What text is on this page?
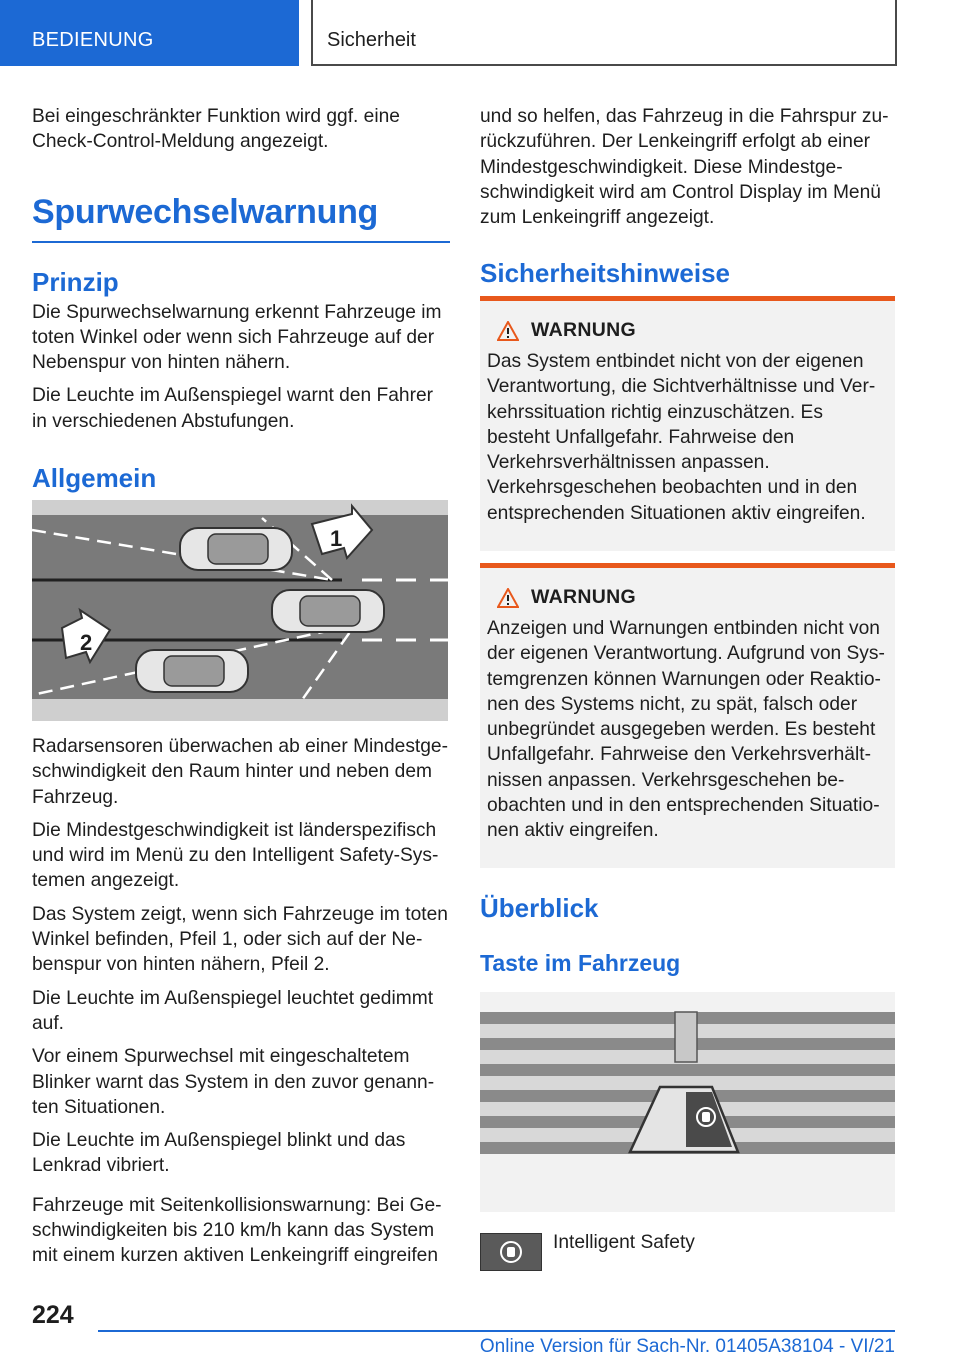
BEDIENUNG	Sicherheit

Bei eingeschränkter Funktion wird ggf. eine Check-Control-Meldung angezeigt.

Spurwechselwarnung
Prinzip

Die Spurwechselwarnung erkennt Fahrzeuge im toten Winkel oder wenn sich Fahrzeuge auf der Nebenspur von hinten nähern.

Die Leuchte im Außenspiegel warnt den Fahrer in verschiedenen Abstufungen.

Allgemein
1
2

Radarsensoren überwachen ab einer Mindestgeschwindigkeit den Raum hinter und neben dem Fahrzeug.

Die Mindestgeschwindigkeit ist länderspezifisch und wird im Menü zu den Intelligent Safety-Systemen angezeigt.

Das System zeigt, wenn sich Fahrzeuge im toten Winkel befinden, Pfeil 1, oder sich auf der Nebenspur von hinten nähern, Pfeil 2.

Die Leuchte im Außenspiegel leuchtet gedimmt auf.

Vor einem Spurwechsel mit eingeschaltetem Blinker warnt das System in den zuvor genannten Situationen.

Die Leuchte im Außenspiegel blinkt und das Lenkrad vibriert.

Fahrzeuge mit Seitenkollisionswarnung: Bei Geschwindigkeiten bis 210 km/h kann das System mit einem kurzen aktiven Lenkeingriff eingreifen

und so helfen, das Fahrzeug in die Fahrspur zurückzuführen. Der Lenkeingriff erfolgt ab einer Mindestgeschwindigkeit. Diese Mindestgeschwindigkeit wird am Control Display im Menü zum Lenkeingriff angezeigt.

Sicherheitshinweise
WARNUNG

Das System entbindet nicht von der eigenen Verantwortung, die Sichtverhältnisse und Verkehrssituation richtig einzuschätzen. Es besteht Unfallgefahr. Fahrweise den Verkehrsverhältnissen anpassen. Verkehrsgeschehen beobachten und in den entsprechenden Situationen aktiv eingreifen.

WARNUNG

Anzeigen und Warnungen entbinden nicht von der eigenen Verantwortung. Aufgrund von Systemgrenzen können Warnungen oder Reaktionen des Systems nicht, zu spät, falsch oder unbegründet ausgegeben werden. Es besteht Unfallgefahr. Fahrweise den Verkehrsverhältnissen anpassen. Verkehrsgeschehen beobachten und in den entsprechenden Situationen aktiv eingreifen.

Überblick
Taste im Fahrzeug
Intelligent Safety
224
Online Version für Sach-Nr. 01405A38104 - VI/21
